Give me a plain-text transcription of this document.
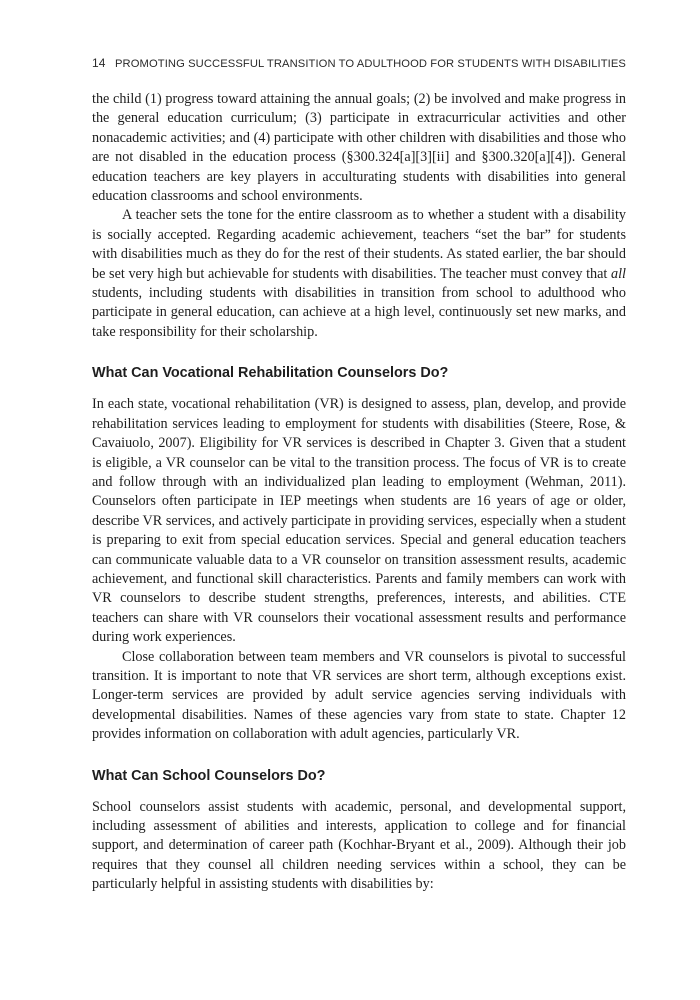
14 PROMOTING SUCCESSFUL TRANSITION TO ADULTHOOD FOR STUDENTS WITH DISABILITIES

the child (1) progress toward attaining the annual goals; (2) be involved and make progress in the general education curriculum; (3) participate in extracurricular activities and other nonacademic activities; and (4) participate with other children with disabilities and those who are not disabled in the education process (§300.324[a][3][ii] and §300.320[a][4]). General education teachers are key players in acculturating students with disabilities into general education classrooms and school environments.

A teacher sets the tone for the entire classroom as to whether a student with a disability is socially accepted. Regarding academic achievement, teachers “set the bar” for students with disabilities much as they do for the rest of their students. As stated earlier, the bar should be set very high but achievable for students with disabilities. The teacher must convey that all students, including students with disabilities in transition from school to adulthood who participate in general education, can achieve at a high level, continuously set new marks, and take responsibility for their scholarship.

What Can Vocational Rehabilitation Counselors Do?

In each state, vocational rehabilitation (VR) is designed to assess, plan, develop, and provide rehabilitation services leading to employment for students with disabilities (Steere, Rose, & Cavaiuolo, 2007). Eligibility for VR services is described in Chapter 3. Given that a student is eligible, a VR counselor can be vital to the transition process. The focus of VR is to create and follow through with an individualized plan leading to employment (Wehman, 2011). Counselors often participate in IEP meetings when students are 16 years of age or older, describe VR services, and actively participate in providing services, especially when a student is preparing to exit from special education services. Special and general education teachers can communicate valuable data to a VR counselor on transition assessment results, academic achievement, and functional skill characteristics. Parents and family members can work with VR counselors to describe student strengths, preferences, interests, and abilities. CTE teachers can share with VR counselors their vocational assessment results and performance during work experiences.

Close collaboration between team members and VR counselors is pivotal to successful transition. It is important to note that VR services are short term, although exceptions exist. Longer-term services are provided by adult service agencies serving individuals with developmental disabilities. Names of these agencies vary from state to state. Chapter 12 provides information on collaboration with adult agencies, particularly VR.

What Can School Counselors Do?

School counselors assist students with academic, personal, and developmental support, including assessment of abilities and interests, application to college and for financial support, and determination of career path (Kochhar-Bryant et al., 2009). Although their job requires that they counsel all children needing services within a school, they can be particularly helpful in assisting students with disabilities by:
